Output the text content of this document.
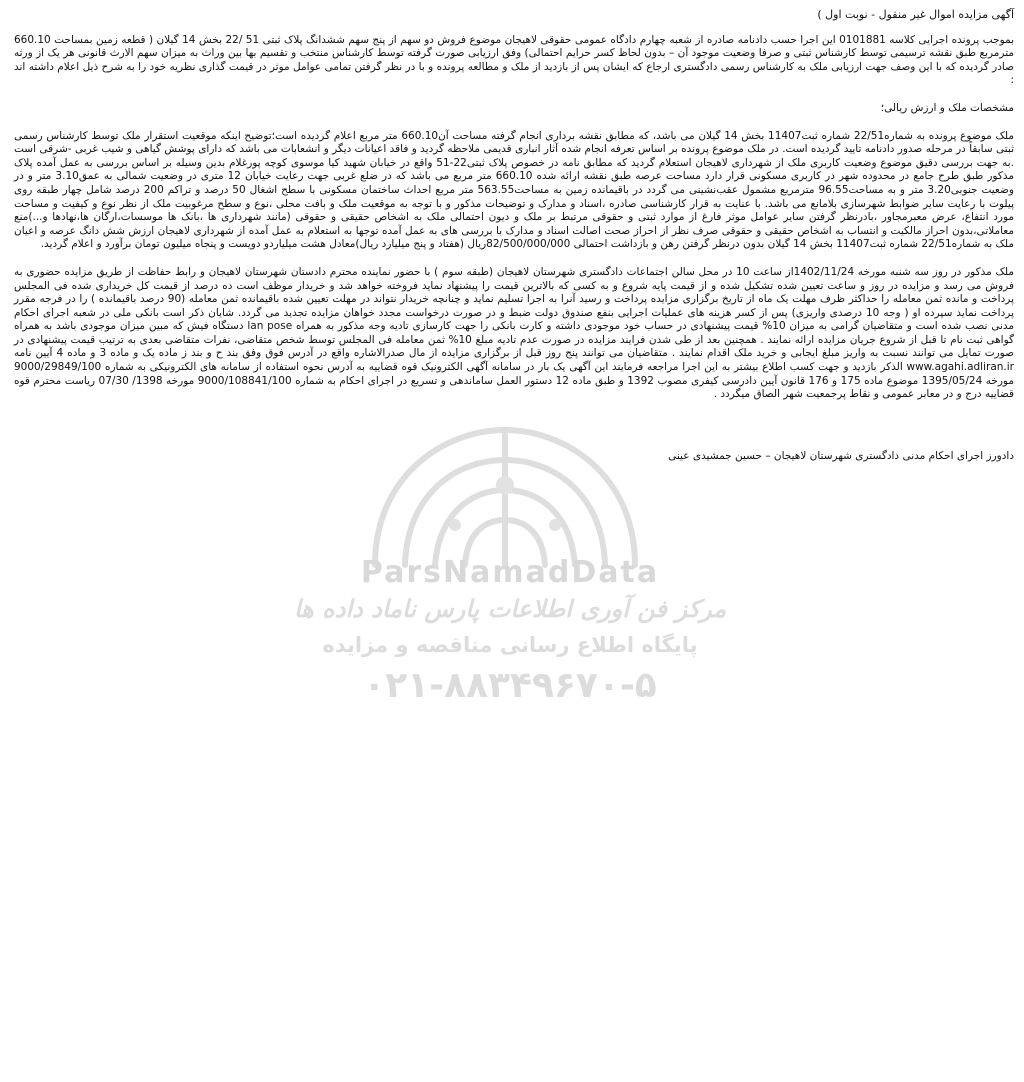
ParsNamadData
مرکز فن آوری اطلاعات پارس ناماد داده ها
پایگاه اطلاع رسانی مناقصه و مزایده
۰۲۱-۸۸۳۴۹۶۷۰-۵

آگهی مزایده اموال غیر منقول - نوبت اول )

بموجب پرونده اجرایی کلاسه 0101881 این اجرا حسب دادنامه صادره از شعبه چهارم دادگاه عمومی حقوقی لاهیجان موضوع فروش دو سهم از پنج سهم ششدانگ پلاک ثبتی 51 /22 بخش 14 گیلان ( قطعه زمین بمساحت 660.10 مترمربع طبق نقشه ترسیمی توسط کارشناس ثبتی و صرفا وضعیت موجود آن – بدون لحاظ کسر حرایم احتمالی) وفق ارزیابی صورت گرفته توسط کارشناس منتخب و تقسیم بها بین وراث به میزان سهم الارث قانونی هر یک از ورثه صادر گردیده که با این وصف جهت ارزیابی ملک به کارشناس رسمی دادگستری ارجاع که ایشان پس از بازدید از ملک و مطالعه پرونده و با در نظر گرفتن تمامی عوامل موثر در قیمت گذاری نظریه خود را به شرح ذیل اعلام داشته اند :

مشخصات ملک و ارزش ریالی؛

ملک موضوع پرونده به شماره22/51 شماره ثبت11407 بخش 14 گیلان می باشد، که مطابق نقشه برداری انجام گرفته مساحت آن660.10 متر مربع اعلام گردیده است؛توضیح اینکه موقعیت استقرار ملک توسط کارشناس رسمی ثبتی سابقاً در مرحله صدور دادنامه تایید گردیده است. در ملک موضوع پرونده بر اساس تعرفه انجام شده آثار انباری قدیمی ملاحظه گردید و فاقد اعیانات دیگر و انشعابات می باشد که دارای پوشش گیاهی و شیب غربی -شرقی است .به جهت بررسی دقیق موضوع وضعیت کاربری ملک از شهرداری لاهیجان استعلام گردید که مطابق نامه در خصوص پلاک ثبتی22-51 واقع در خیابان شهید کیا موسوی کوچه پورغلام بدین وسیله بر اساس بررسی به عمل آمده پلاک مذکور طبق طرح جامع در محدوده شهر در کاربری مسکونی قرار دارد مساحت عرصه طبق نقشه ارائه شده 660.10 متر مربع می باشد که در ضلع غربی جهت رعایت خیابان 12 متری در وضعیت شمالی به عمق3.10 متر و در وضعیت جنوبی3.20 متر و به مساحت96.55 مترمربع مشمول عقب‌نشینی می گردد در باقیمانده زمین به مساحت563.55 متر مربع احداث ساختمان مسکونی با سطح اشغال 50 درصد و تراکم 200 درصد شامل چهار طبقه روی پیلوت با رعایت سایر ضوابط شهرسازی بلامانع می باشد. با عنایت به قرار کارشناسی صادره ،اسناد و مدارک و توضیحات مذکور و با توجه به موقعیت ملک و بافت محلی ،نوع و سطح مرغوبیت ملک از نظر نوع و کیفیت و مساحت مورد انتفاع، عرض معبرمجاور ،بادرنظر گرفتن سایر عوامل موثر فارغ از موارد ثبتی و حقوقی مرتبط بر ملک و دیون احتمالی ملک به اشخاص حقیقی و حقوقی (مانند شهرداری ها ،بانک ها موسسات،ارگان ها،نهادها و...)منع معاملاتی،بدون احراز مالکیت و انتساب به اشخاص حقیقی و حقوقی صرف نظر از احراز صحت اصالت اسناد و مدارک با بررسی های به عمل آمده توجها به استعلام به عمل آمده از شهرداری لاهیجان ارزش شش دانگ عرصه و اعیان ملک به شماره22/51 شماره ثبت11407 بخش 14 گیلان بدون درنظر گرفتن رهن و بازداشت احتمالی 82/500/000/000ریال (هفتاد و پنج میلیارد ریال)معادل هشت میلیاردو دویست و پنجاه میلیون تومان برآورد و اعلام گردید.

ملک مذکور در روز سه شنبه مورخه 1402/11/24از ساعت 10 در محل سالن اجتماعات دادگستری شهرستان لاهیجان (طبقه سوم ) با حضور نماینده محترم دادستان شهرستان لاهیجان و رابط حفاظت از طریق مزایده حضوری به فروش می رسد و مزایده در روز و ساعت تعیین شده تشکیل شده و از قیمت پایه شروع و به کسی که بالاترین قیمت را پیشنهاد نماید فروخته خواهد شد و خریدار موظف است ده درصد از قیمت کل خریداری شده فی المجلس پرداخت و مانده ثمن معامله را حداکثر ظرف مهلت یک ماه از تاریخ برگزاری مزایده پرداخت و رسید آنرا به اجرا تسلیم نماید و چنانچه خریدار نتواند در مهلت تعیین شده باقیمانده ثمن معامله (90 درصد باقیمانده ) را در فرجه مقرر پرداخت نماید سپرده او ( وجه 10 درصدی واریزی) پس از کسر هزینه های عملیات اجرایی بنفع صندوق دولت ضبط و در صورت درخواست مجدد خواهان مزایده تجدید می گردد. شایان ذکر است بانکی ملی در شعبه اجرای احکام مدنی نصب شده است و متقاضیان گرامی به میزان 10% قیمت پیشنهادی در حساب خود موجودی داشته و کارت بانکی را جهت کارسازی تادیه وجه مذکور به همراه lan pose دستگاه فیش که مبین میزان موجودی باشد به همراه گواهی ثبت نام تا قبل از شروع جریان مزایده ارائه نمایند . همچنین بعد از طی شدن فرایند مزایده در صورت عدم تادیه مبلغ 10% ثمن معامله فی المجلس توسط شخص متقاضی، نفرات متقاضی بعدی به ترتیب قیمت پیشنهادی در صورت تمایل می توانند نسبت به واریز مبلغ ایجابی و خرید ملک اقدام نمایند . متقاضیان می توانند پنج روز قبل از برگزاری مزایده از مال صدرالاشاره واقع در آدرس فوق وفق بند ح و بند ز ماده یک و ماده 3 و ماده 4 آیین نامه www.agahi.adliran.ir الذکر بازدید و جهت کسب اطلاع بیشتر به این اجرا مراجعه فرمایند این آگهی یک بار در سامانه آگهی الکترونیک قوه قضاییه به آدرس نحوه استفاده از سامانه های الکترونیکی به شماره 9000/29849/100 مورخه 1395/05/24 موضوع ماده 175 و 176 قانون آیین دادرسی کیفری مصوب 1392 و طبق ماده 12 دستور العمل ساماندهی و تسریع در اجرای احکام به شماره 9000/108841/100 مورخه 1398/ 07/30 ریاست محترم قوه قضاییه درج و در معابر عمومی و نقاط پرجمعیت شهر الصاق میگردد .

دادورز اجرای احکام مدنی دادگستری شهرستان لاهیجان – حسین جمشیدی عینی
